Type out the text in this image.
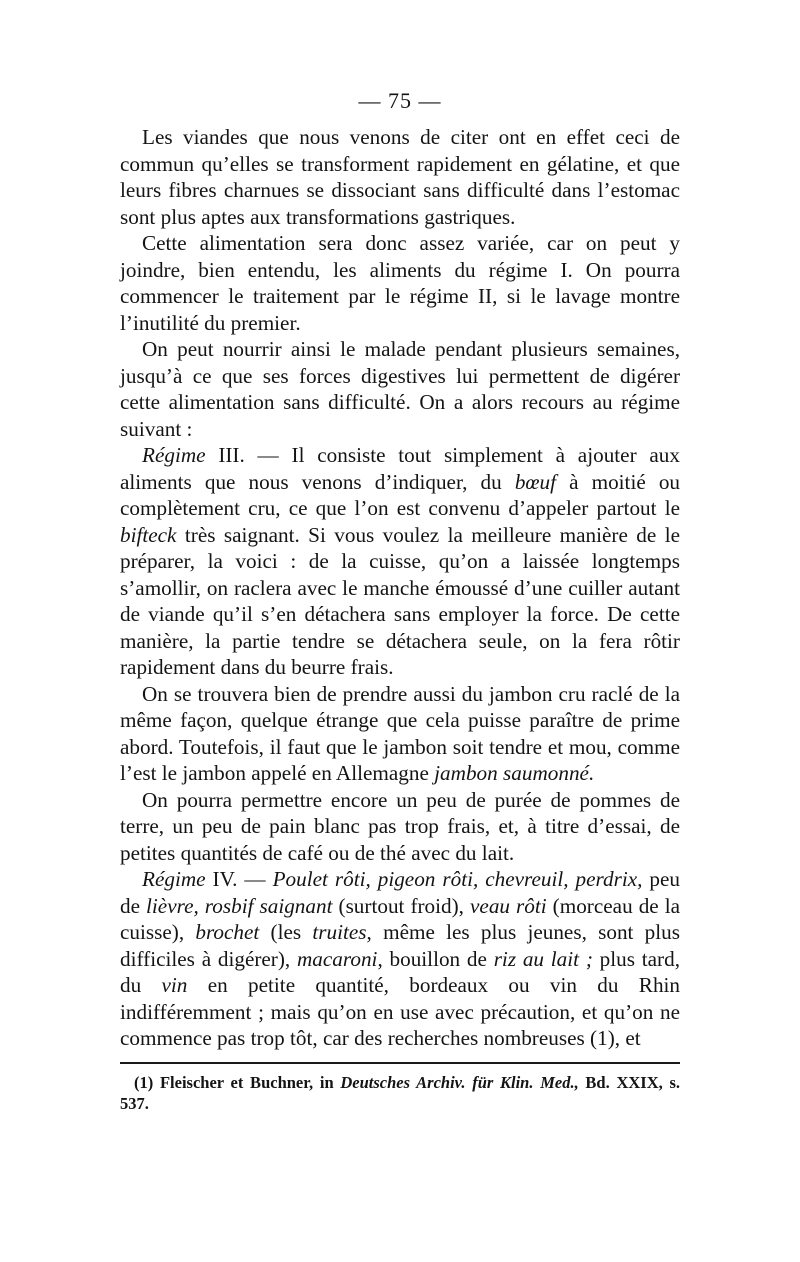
— 75 —

Les viandes que nous venons de citer ont en effet ceci de commun qu’elles se transforment rapidement en gélatine, et que leurs fibres charnues se dissociant sans difficulté dans l’estomac sont plus aptes aux transformations gastriques.

Cette alimentation sera donc assez variée, car on peut y joindre, bien entendu, les aliments du régime I. On pourra commencer le traitement par le régime II, si le lavage montre l’inutilité du premier.

On peut nourrir ainsi le malade pendant plusieurs semaines, jusqu’à ce que ses forces digestives lui permettent de digérer cette alimentation sans difficulté. On a alors recours au régime suivant :

Régime III. — Il consiste tout simplement à ajouter aux aliments que nous venons d’indiquer, du bœuf à moitié ou complètement cru, ce que l’on est convenu d’appeler partout le bifteck très saignant. Si vous voulez la meilleure manière de le préparer, la voici : de la cuisse, qu’on a laissée longtemps s’amollir, on raclera avec le manche émoussé d’une cuiller autant de viande qu’il s’en détachera sans employer la force. De cette manière, la partie tendre se détachera seule, on la fera rôtir rapidement dans du beurre frais.

On se trouvera bien de prendre aussi du jambon cru raclé de la même façon, quelque étrange que cela puisse paraître de prime abord. Toutefois, il faut que le jambon soit tendre et mou, comme l’est le jambon appelé en Allemagne jambon saumonné.

On pourra permettre encore un peu de purée de pommes de terre, un peu de pain blanc pas trop frais, et, à titre d’essai, de petites quantités de café ou de thé avec du lait.

Régime IV. — Poulet rôti, pigeon rôti, chevreuil, perdrix, peu de lièvre, rosbif saignant (surtout froid), veau rôti (morceau de la cuisse), brochet (les truites, même les plus jeunes, sont plus difficiles à digérer), macaroni, bouillon de riz au lait ; plus tard, du vin en petite quantité, bordeaux ou vin du Rhin indifféremment ; mais qu’on en use avec précaution, et qu’on ne commence pas trop tôt, car des recherches nombreuses (1), et

(1) Fleischer et Buchner, in Deutsches Archiv. für Klin. Med., Bd. XXIX, s. 537.
